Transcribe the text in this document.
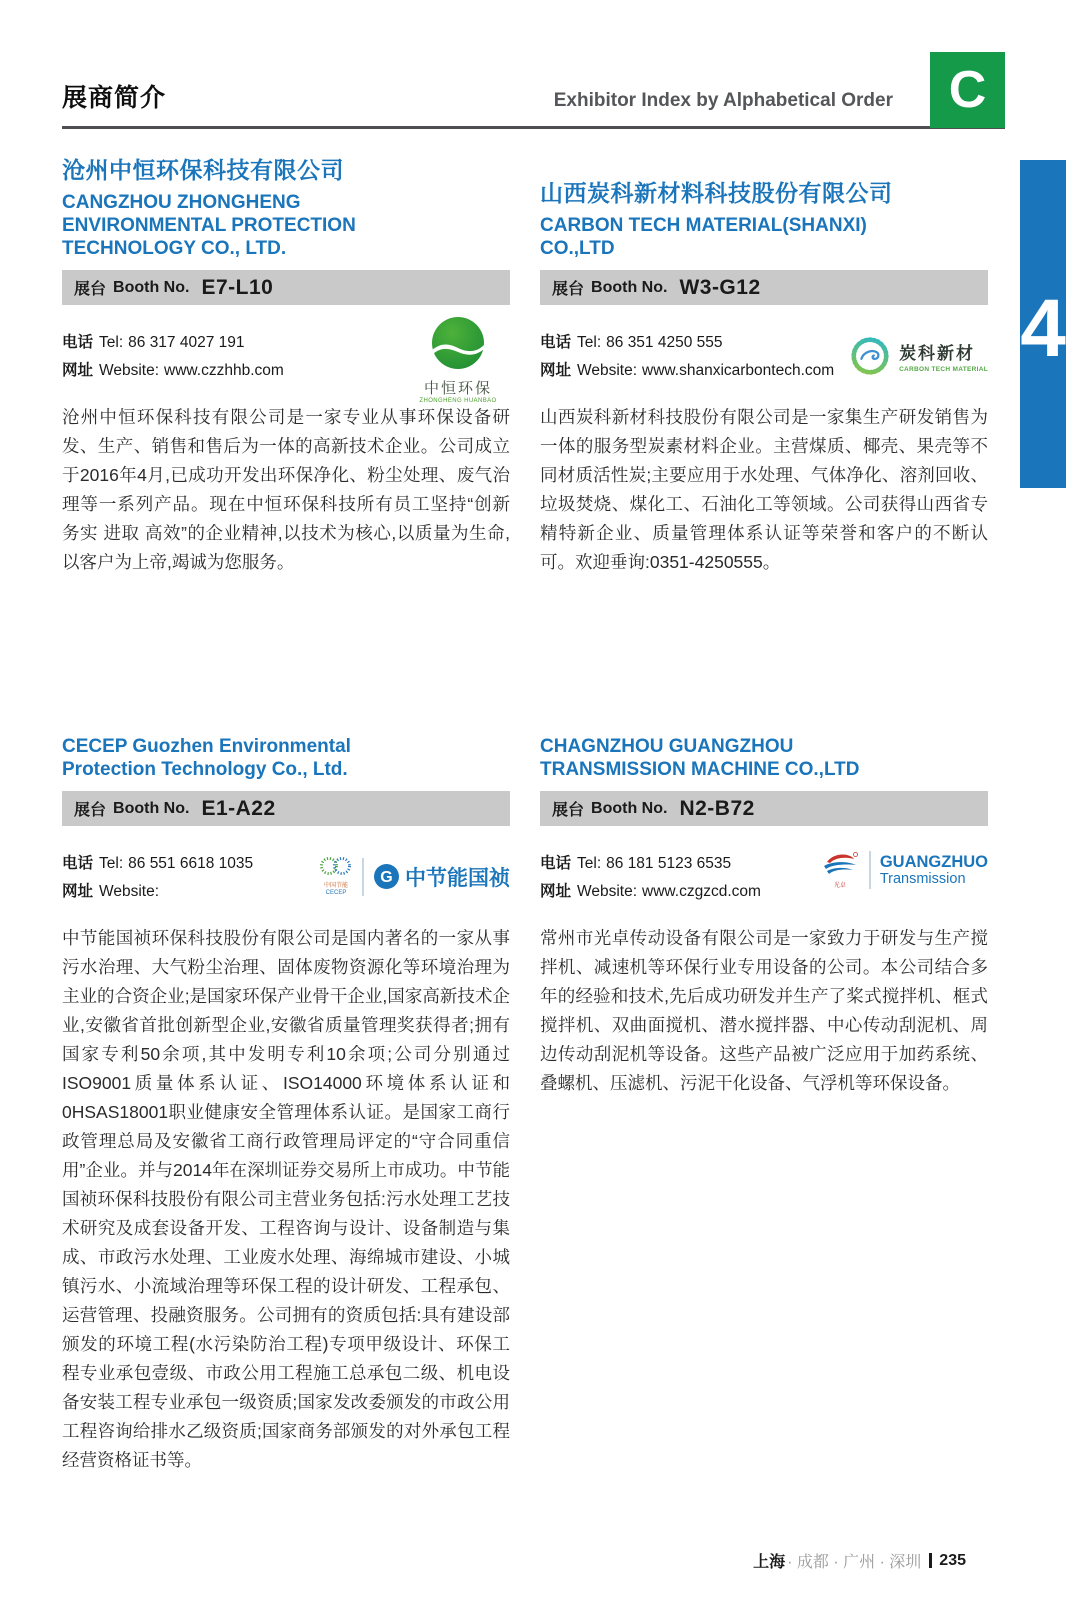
展商简介	Exhibitor Index by Alphabetical Order C
4
沧州中恒环保科技有限公司
CANGZHOU ZHONGHENG
ENVIRONMENTAL PROTECTION
TECHNOLOGY CO., LTD.
展台 Booth No. E7-L10
电话 Tel: 86 317 4027 191
网址 Website: www.czzhhb.com
中恒环保
ZHONGHENG HUANBAO

沧州中恒环保科技有限公司是一家专业从事环保设备研发、生产、销售和售后为一体的高新技术企业。公司成立于2016年4月,已成功开发出环保净化、粉尘处理、废气治理等一系列产品。现在中恒环保科技所有员工坚持“创新 务实 进取 高效”的企业精神,以技术为核心,以质量为生命,以客户为上帝,竭诚为您服务。

山西炭科新材料科技股份有限公司
CARBON TECH MATERIAL(SHANXI)
CO.,LTD
展台 Booth No. W3-G12
电话 Tel: 86 351 4250 555
网址 Website: www.shanxicarbontech.com
炭科新材
CARBON TECH MATERIAL

山西炭科新材科技股份有限公司是一家集生产研发销售为一体的服务型炭素材料企业。主营煤质、椰壳、果壳等不同材质活性炭;主要应用于水处理、气体净化、溶剂回收、垃圾焚烧、煤化工、石油化工等领域。公司获得山西省专精特新企业、质量管理体系认证等荣誉和客户的不断认可。欢迎垂询:0351-4250555。

CECEP Guozhen Environmental
Protection Technology Co., Ltd.
展台 Booth No. E1-A22
电话 Tel: 86 551 6618 1035
网址 Website:	中国节能
CECEP
G 中节能国祯

中节能国祯环保科技股份有限公司是国内著名的一家从事污水治理、大气粉尘治理、固体废物资源化等环境治理为主业的合资企业;是国家环保产业骨干企业,国家高新技术企业,安徽省首批创新型企业,安徽省质量管理奖获得者;拥有国家专利50余项,其中发明专利10余项;公司分别通过ISO9001质量体系认证、ISO14000环境体系认证和0HSAS18001职业健康安全管理体系认证。是国家工商行政管理总局及安徽省工商行政管理局评定的“守合同重信用”企业。并与2014年在深圳证券交易所上市成功。中节能国祯环保科技股份有限公司主营业务包括:污水处理工艺技术研究及成套设备开发、工程咨询与设计、设备制造与集成、市政污水处理、工业废水处理、海绵城市建设、小城镇污水、小流域治理等环保工程的设计研发、工程承包、运营管理、投融资服务。公司拥有的资质包括:具有建设部颁发的环境工程(水污染防治工程)专项甲级设计、环保工程专业承包壹级、市政公用工程施工总承包二级、机电设备安装工程专业承包一级资质;国家发改委颁发的市政公用工程咨询给排水乙级资质;国家商务部颁发的对外承包工程经营资格证书等。

CHAGNZHOU GUANGZHOU
TRANSMISSION MACHINE CO.,LTD
展台 Booth No. N2-B72
电话 Tel: 86 181 5123 6535
网址 Website: www.czgzcd.com	光卓
GUANGZHUO
Transmission

常州市光卓传动设备有限公司是一家致力于研发与生产搅拌机、减速机等环保行业专用设备的公司。本公司结合多年的经验和技术,先后成功研发并生产了桨式搅拌机、框式搅拌机、双曲面搅机、潜水搅拌器、中心传动刮泥机、周边传动刮泥机等设备。这些产品被广泛应用于加药系统、叠螺机、压滤机、污泥干化设备、气浮机等环保设备。

上海 · 成都 · 广州 · 深圳 235
